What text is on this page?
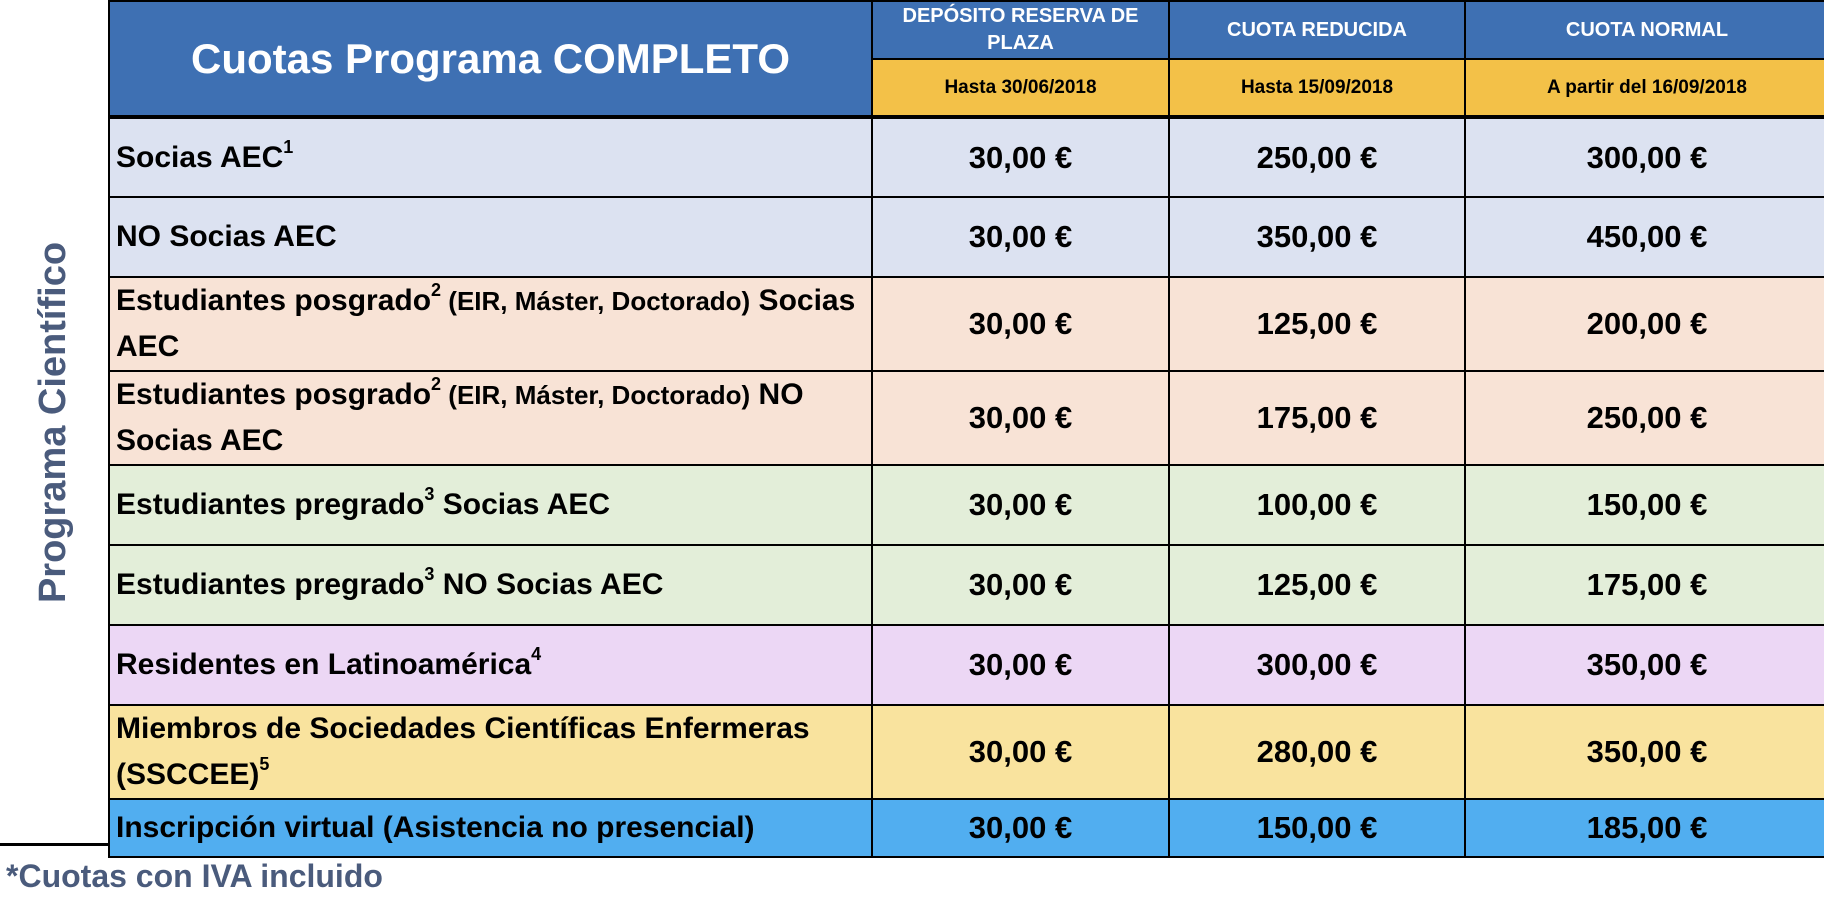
Programa Científico
Cuotas Programa COMPLETO	DEPÓSITO RESERVA DE PLAZA	CUOTA REDUCIDA	CUOTA NORMAL
	Hasta 30/06/2018	Hasta 15/09/2018	A partir del 16/09/2018
Socias AEC$^1$	30,00 €	250,00 €	300,00 €
NO Socias AEC	30,00 €	350,00 €	450,00 €
Estudiantes posgrado$^2$ (EIR, Máster, Doctorado) Socias AEC	30,00 €	125,00 €	200,00 €
Estudiantes posgrado$^2$ (EIR, Máster, Doctorado) NO Socias AEC	30,00 €	175,00 €	250,00 €
Estudiantes pregrado$^3$ Socias AEC	30,00 €	100,00 €	150,00 €
Estudiantes pregrado$^3$ NO Socias AEC	30,00 €	125,00 €	175,00 €
Residentes en Latinoamérica$^4$	30,00 €	300,00 €	350,00 €
Miembros de Sociedades Científicas Enfermeras (SSCCEE)$^5$	30,00 €	280,00 €	350,00 €
Inscripción virtual (Asistencia no presencial)	30,00 €	150,00 €	185,00 €
*Cuotas con IVA incluido
